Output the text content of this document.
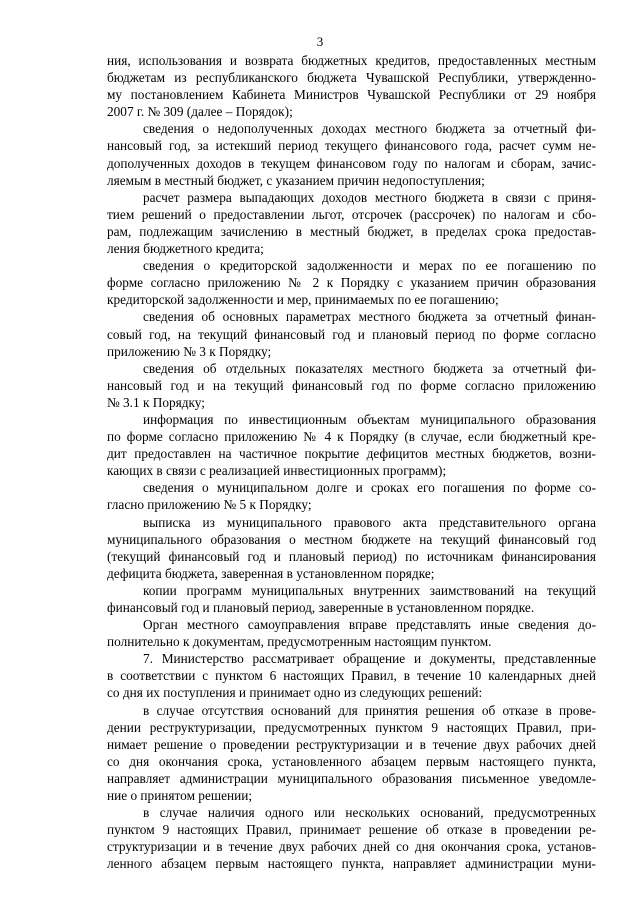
3
ния, использования и возврата бюджетных кредитов, предоставленных местным
бюджетам из республиканского бюджета Чувашской Республики, утвержденно-
му постановлением Кабинета Министров Чувашской Республики от 29 ноября
2007 г. № 309 (далее – Порядок);
сведения о недополученных доходах местного бюджета за отчетный фи-
нансовый год, за истекший период текущего финансового года, расчет сумм не-
дополученных доходов в текущем финансовом году по налогам и сборам, зачис-
ляемым в местный бюджет, с указанием причин недопоступления;
расчет размера выпадающих доходов местного бюджета в связи с приня-
тием решений о предоставлении льгот, отсрочек (рассрочек) по налогам и сбо-
рам, подлежащим зачислению в местный бюджет, в пределах срока предостав-
ления бюджетного кредита;
сведения о кредиторской задолженности и мерах по ее погашению по
форме согласно приложению № 2 к Порядку с указанием причин образования
кредиторской задолженности и мер, принимаемых по ее погашению;
сведения об основных параметрах местного бюджета за отчетный финан-
совый год, на текущий финансовый год и плановый период по форме согласно
приложению № 3 к Порядку;
сведения об отдельных показателях местного бюджета за отчетный фи-
нансовый год и на текущий финансовый год по форме согласно приложению
№ 3.1 к Порядку;
информация по инвестиционным объектам муниципального образования
по форме согласно приложению № 4 к Порядку (в случае, если бюджетный кре-
дит предоставлен на частичное покрытие дефицитов местных бюджетов, возни-
кающих в связи с реализацией инвестиционных программ);
сведения о муниципальном долге и сроках его погашения по форме со-
гласно приложению № 5 к Порядку;
выписка из муниципального правового акта представительного органа
муниципального образования о местном бюджете на текущий финансовый год
(текущий финансовый год и плановый период) по источникам финансирования
дефицита бюджета, заверенная в установленном порядке;
копии программ муниципальных внутренних заимствований на текущий
финансовый год и плановый период, заверенные в установленном порядке.
Орган местного самоуправления вправе представлять иные сведения до-
полнительно к документам, предусмотренным настоящим пунктом.
7. Министерство рассматривает обращение и документы, представленные
в соответствии с пунктом 6 настоящих Правил, в течение 10 календарных дней
со дня их поступления и принимает одно из следующих решений:
в случае отсутствия оснований для принятия решения об отказе в прове-
дении реструктуризации, предусмотренных пунктом 9 настоящих Правил, при-
нимает решение о проведении реструктуризации и в течение двух рабочих дней
со дня окончания срока, установленного абзацем первым настоящего пункта,
направляет администрации муниципального образования письменное уведомле-
ние о принятом решении;
в случае наличия одного или нескольких оснований, предусмотренных
пунктом 9 настоящих Правил, принимает решение об отказе в проведении ре-
структуризации и в течение двух рабочих дней со дня окончания срока, установ-
ленного абзацем первым настоящего пункта, направляет администрации муни-
